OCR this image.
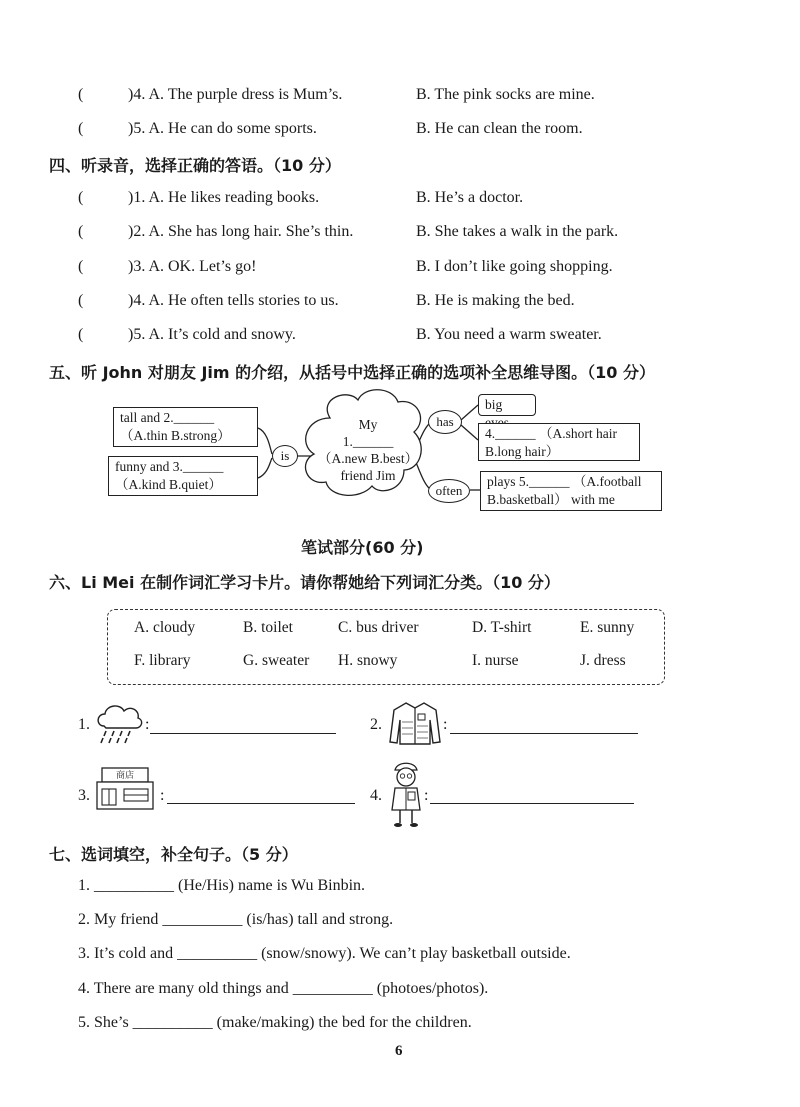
(	)4. A. The purple dress is Mum’s.	B. The pink socks are mine.
(	)5. A. He can do some sports.	B. He can clean the room.
四、听录音，选择正确的答语。（10 分）
(	)1. A. He likes reading books.	B. He’s a doctor.
(	)2. A. She has long hair. She’s thin.	B. She takes a walk in the park.
(	)3. A. OK. Let’s go!	B. I don’t like going shopping.
(	)4. A. He often tells stories to us.	B. He is making the bed.
(	)5. A. It’s cold and snowy.	B. You need a warm sweater.
五、听 John 对朋友 Jim 的介绍，从括号中选择正确的选项补全思维导图。（10 分）
tall and 2.______
（A.thin B.strong）
funny and 3.______
（A.kind B.quiet）
is
My
1.______
（A.new B.best）
friend Jim
has
often
big
4.______ （A.short hair
B.long hair）
plays 5.______ （A.football
B.basketball） with me
笔试部分(60 分)
六、Li Mei 在制作词汇学习卡片。请你帮她给下列词汇分类。（10 分）
A. cloudy	B. toilet	C. bus driver	D. T-shirt	E. sunny
F. library	G. sweater H. snowy	I. nurse	J. dress
1.	:	2.	:
3.
商店
:	4.	:
七、选词填空，补全句子。（5 分）
1. __________ (He/His) name is Wu Binbin.
2. My friend __________ (is/has) tall and strong.
3. It’s cold and __________ (snow/snowy). We can’t play basketball outside.
4. There are many old things and __________ (photoes/photos).
5. She’s __________ (make/making) the bed for the children.
6
